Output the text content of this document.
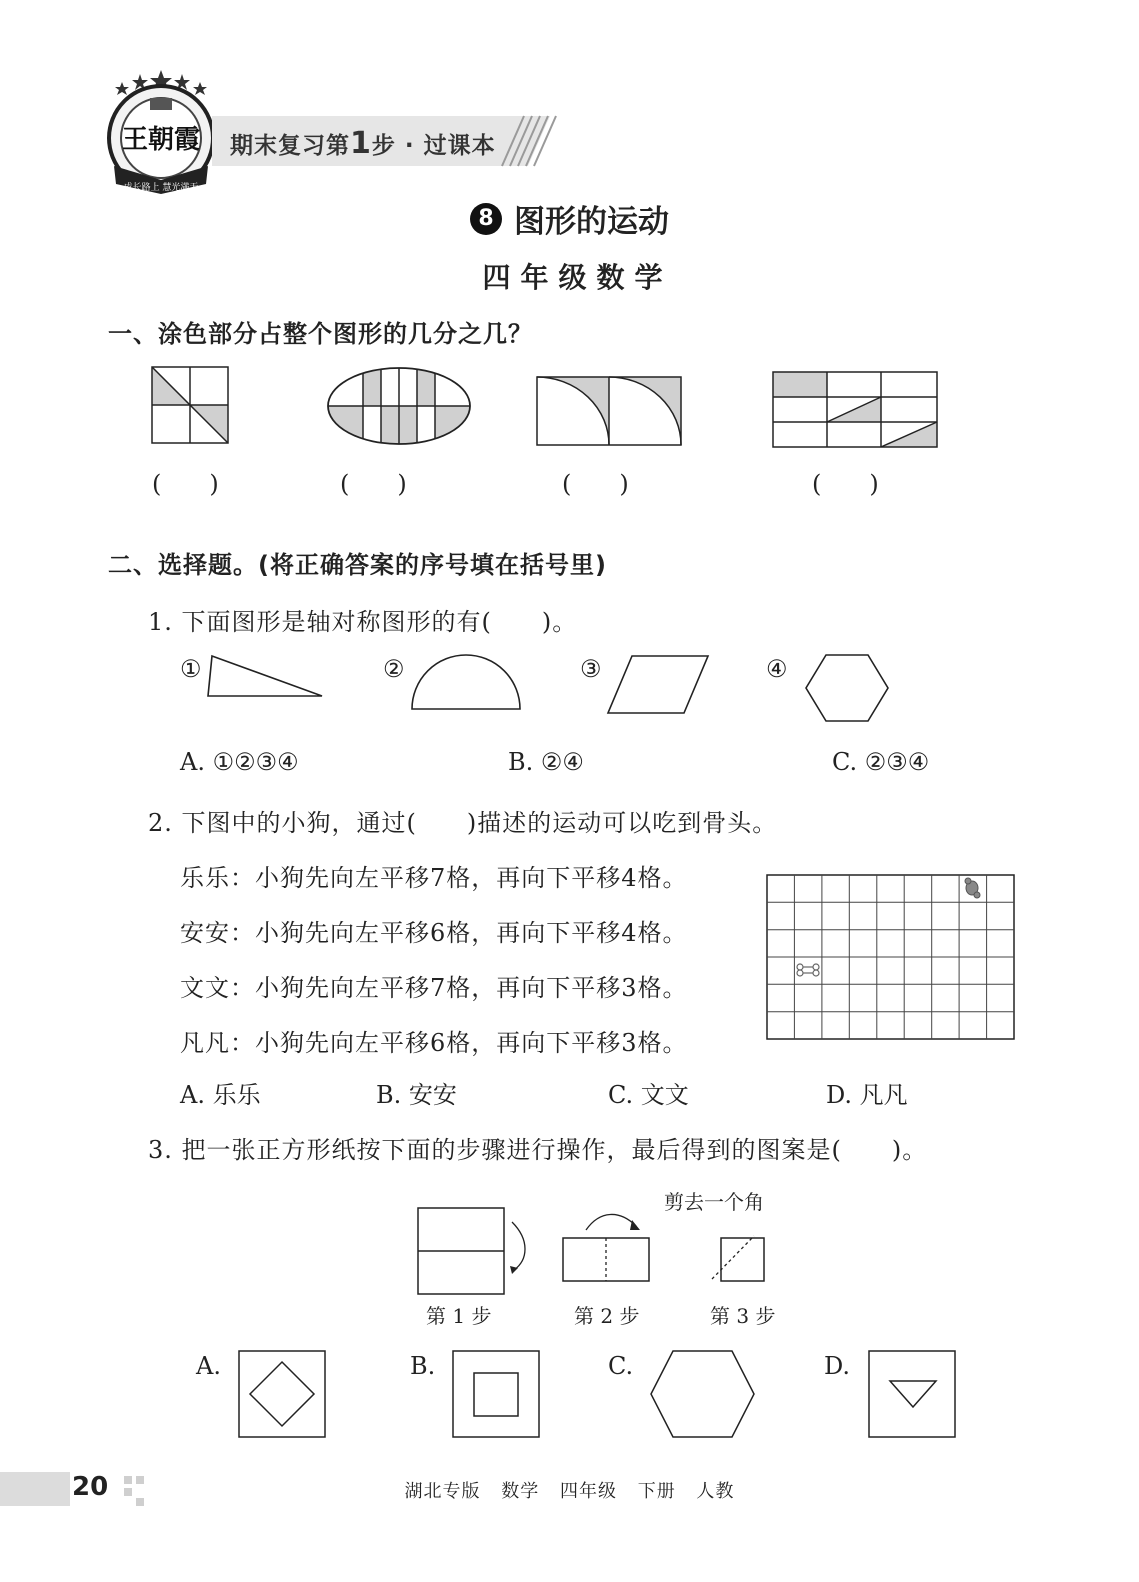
成长路上 慧光满天
王朝霞 期末复习第1步 · 过课本
8 图形的运动
四年级数学
一、涂色部分占整个图形的几分之几？
(　　)	(　　)	(　　)	(　　)
二、选择题。(将正确答案的序号填在括号里)
1. 下面图形是轴对称图形的有(　　)。
①	②	③	④
A. ①②③④	B. ②④	C. ②③④
2. 下图中的小狗，通过(　　)描述的运动可以吃到骨头。
乐乐：小狗先向左平移7格，再向下平移4格。
安安：小狗先向左平移6格，再向下平移4格。
文文：小狗先向左平移7格，再向下平移3格。
凡凡：小狗先向左平移6格，再向下平移3格。
A. 乐乐	B. 安安	C. 文文	D. 凡凡
3. 把一张正方形纸按下面的步骤进行操作，最后得到的图案是(　　)。
剪去一个角
第 1 步	第 2 步	第 3 步
A.	B.	C.	D.
20	湖北专版 数学 四年级 下册 人教
